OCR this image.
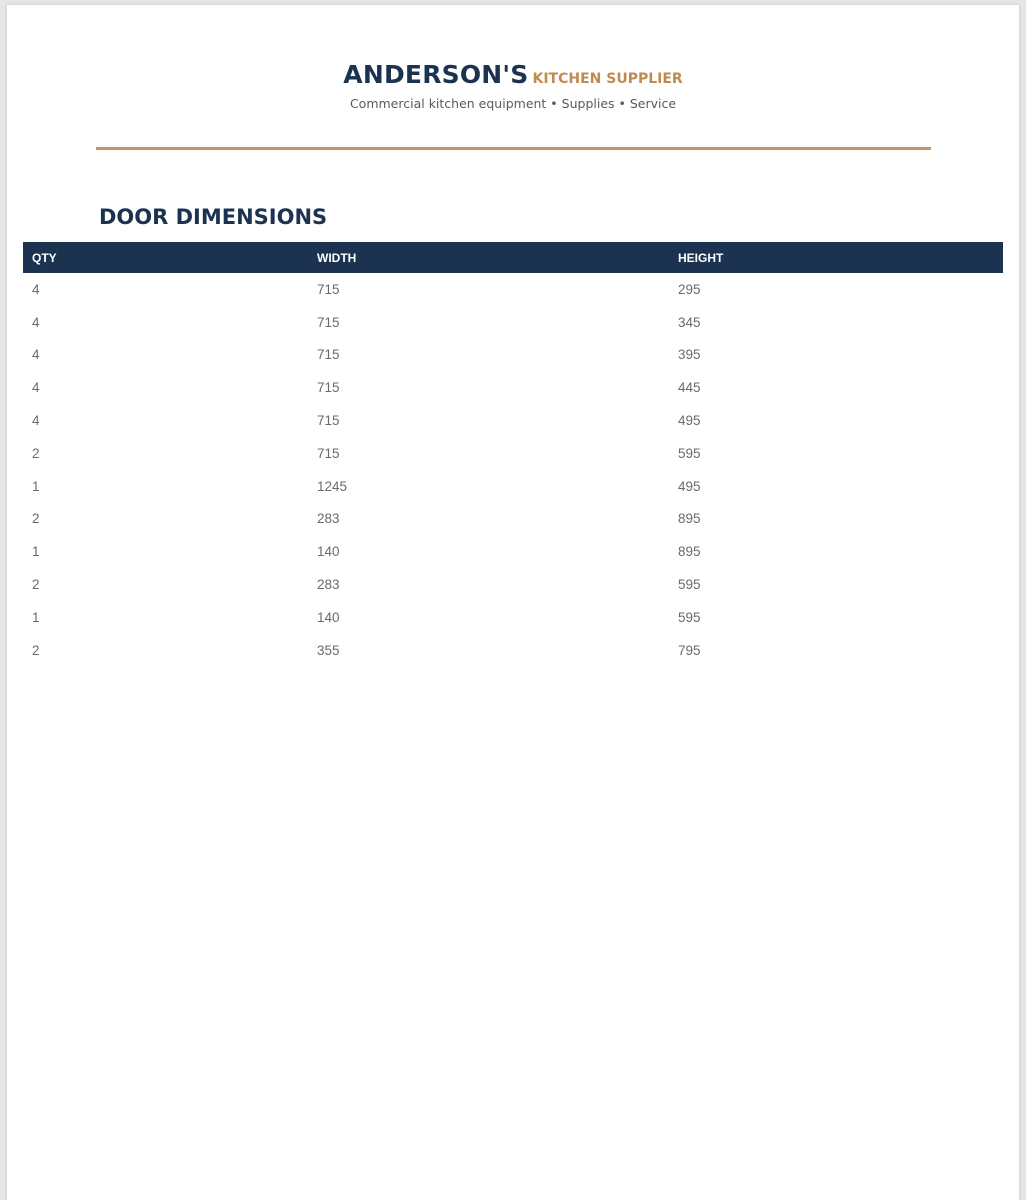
ANDERSON'S KITCHEN SUPPLIER
Commercial kitchen equipment • Supplies • Service
DOOR DIMENSIONS
QTY	WIDTH	HEIGHT
4	715	295
4	715	345
4	715	395
4	715	445
4	715	495
2	715	595
1	1245	495
2	283	895
1	140	895
2	283	595
1	140	595
2	355	795
